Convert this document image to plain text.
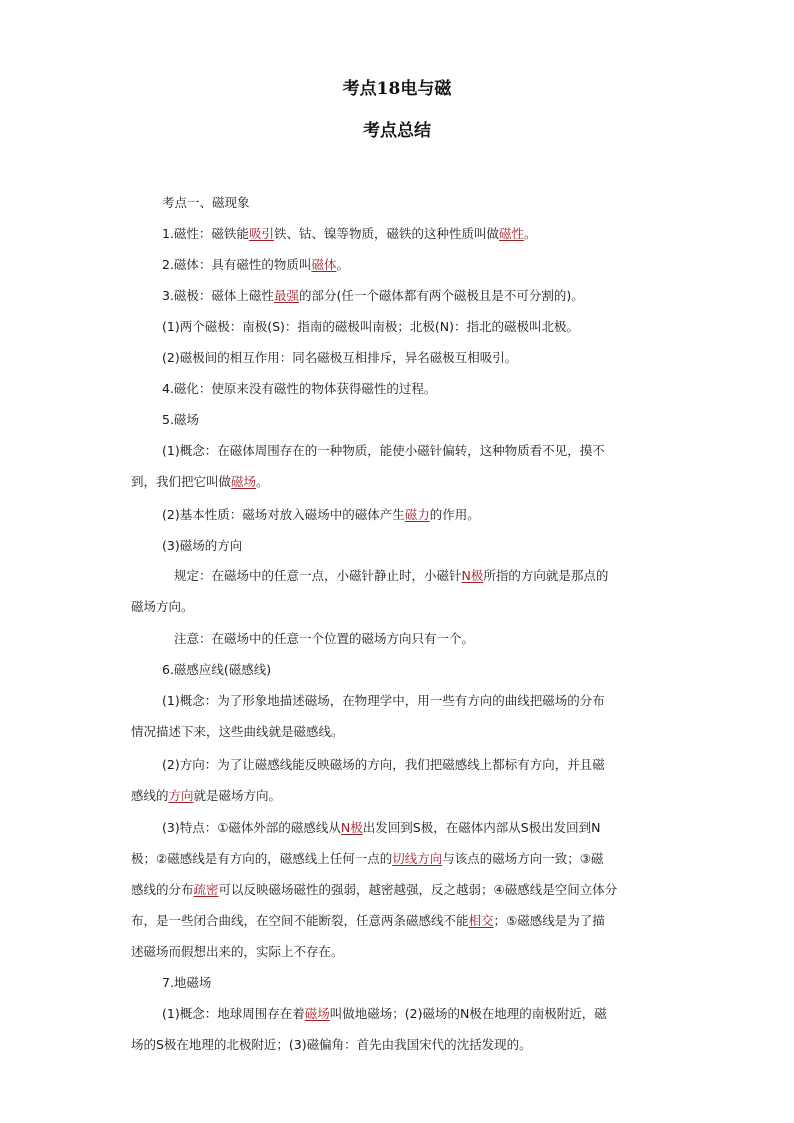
考点18电与磁
考点总结
考点一、磁现象
1.磁性：磁铁能吸引铁、钴、镍等物质，磁铁的这种性质叫做磁性。
2.磁体：具有磁性的物质叫磁体。
3.磁极：磁体上磁性最强的部分(任一个磁体都有两个磁极且是不可分割的)。
(1)两个磁极：南极(S)：指南的磁极叫南极；北极(N)：指北的磁极叫北极。
(2)磁极间的相互作用：同名磁极互相排斥，异名磁极互相吸引。
4.磁化：使原来没有磁性的物体获得磁性的过程。
5.磁场
(1)概念：在磁体周围存在的一种物质，能使小磁针偏转，这种物质看不见，摸不
到，我们把它叫做磁场。
(2)基本性质：磁场对放入磁场中的磁体产生磁力的作用。
(3)磁场的方向
规定：在磁场中的任意一点，小磁针静止时，小磁针N极所指的方向就是那点的
磁场方向。
注意：在磁场中的任意一个位置的磁场方向只有一个。
6.磁感应线(磁感线)
(1)概念：为了形象地描述磁场，在物理学中，用一些有方向的曲线把磁场的分布
情况描述下来，这些曲线就是磁感线。
(2)方向：为了让磁感线能反映磁场的方向，我们把磁感线上都标有方向，并且磁
感线的方向就是磁场方向。
(3)特点：①磁体外部的磁感线从N极出发回到S极，在磁体内部从S极出发回到N
极；②磁感线是有方向的，磁感线上任何一点的切线方向与该点的磁场方向一致；③磁
感线的分布疏密可以反映磁场磁性的强弱，越密越强，反之越弱；④磁感线是空间立体分
布，是一些闭合曲线，在空间不能断裂，任意两条磁感线不能相交；⑤磁感线是为了描
述磁场而假想出来的，实际上不存在。
7.地磁场
(1)概念：地球周围存在着磁场叫做地磁场；(2)磁场的N极在地理的南极附近，磁
场的S极在地理的北极附近；(3)磁偏角：首先由我国宋代的沈括发现的。
